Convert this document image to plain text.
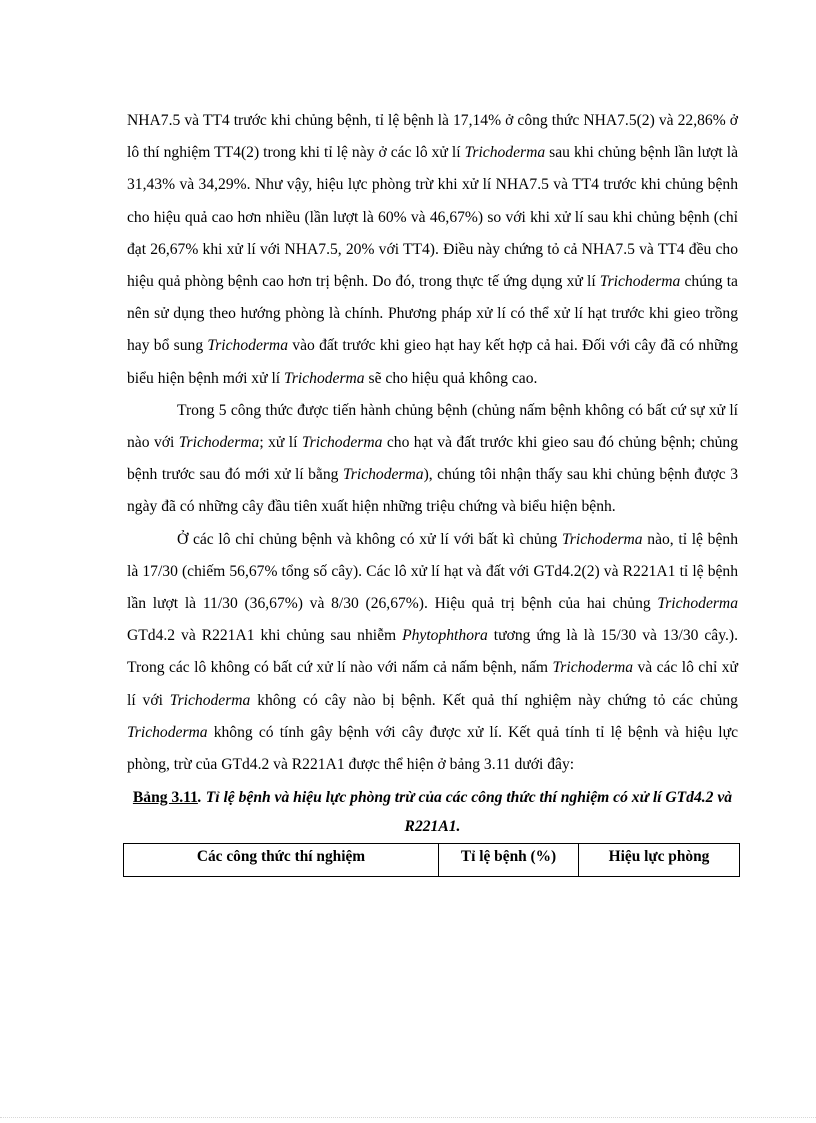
NHA7.5 và TT4 trước khi chủng bệnh, tỉ lệ bệnh là 17,14% ở công thức NHA7.5(2) và 22,86% ở lô thí nghiệm TT4(2) trong khi tỉ lệ này ở các lô xử lí Trichoderma sau khi chủng bệnh lần lượt là 31,43% và 34,29%. Như vậy, hiệu lực phòng trừ khi xử lí NHA7.5 và TT4 trước khi chủng bệnh cho hiệu quả cao hơn nhiều (lần lượt là 60% và 46,67%) so với khi xử lí sau khi chủng bệnh (chỉ đạt 26,67% khi xử lí với NHA7.5, 20% với TT4). Điều này chứng tỏ cả NHA7.5 và TT4 đều cho hiệu quả phòng bệnh cao hơn trị bệnh. Do đó, trong thực tế ứng dụng xử lí Trichoderma chúng ta nên sử dụng theo hướng phòng là chính. Phương pháp xử lí có thể xử lí hạt trước khi gieo trồng hay bổ sung Trichoderma vào đất trước khi gieo hạt hay kết hợp cả hai. Đối với cây đã có những biểu hiện bệnh mới xử lí Trichoderma sẽ cho hiệu quả không cao.

Trong 5 công thức được tiến hành chủng bệnh (chủng nấm bệnh không có bất cứ sự xử lí nào với Trichoderma; xử lí Trichoderma cho hạt và đất trước khi gieo sau đó chủng bệnh; chủng bệnh trước sau đó mới xử lí bằng Trichoderma), chúng tôi nhận thấy sau khi chủng bệnh được 3 ngày đã có những cây đầu tiên xuất hiện những triệu chứng và biểu hiện bệnh.

Ở các lô chỉ chủng bệnh và không có xử lí với bất kì chủng Trichoderma nào, tỉ lệ bệnh là 17/30 (chiếm 56,67% tổng số cây). Các lô xử lí hạt và đất với GTd4.2(2) và R221A1 tỉ lệ bệnh lần lượt là 11/30 (36,67%) và 8/30 (26,67%). Hiệu quả trị bệnh của hai chủng Trichoderma GTd4.2 và R221A1 khi chủng sau nhiễm Phytophthora tương ứng là là 15/30 và 13/30 cây.). Trong các lô không có bất cứ xử lí nào với nấm cả nấm bệnh, nấm Trichoderma và các lô chỉ xử lí với Trichoderma không có cây nào bị bệnh. Kết quả thí nghiệm này chứng tỏ các chủng Trichoderma không có tính gây bệnh với cây được xử lí. Kết quả tính tỉ lệ bệnh và hiệu lực phòng, trừ của GTd4.2 và R221A1 được thể hiện ở bảng 3.11 dưới đây:

Bảng 3.11. Tỉ lệ bệnh và hiệu lực phòng trừ của các công thức thí nghiệm có xử lí GTd4.2 và R221A1.

Các công thức thí nghiệm	Tỉ lệ bệnh (%)	Hiệu lực phòng
